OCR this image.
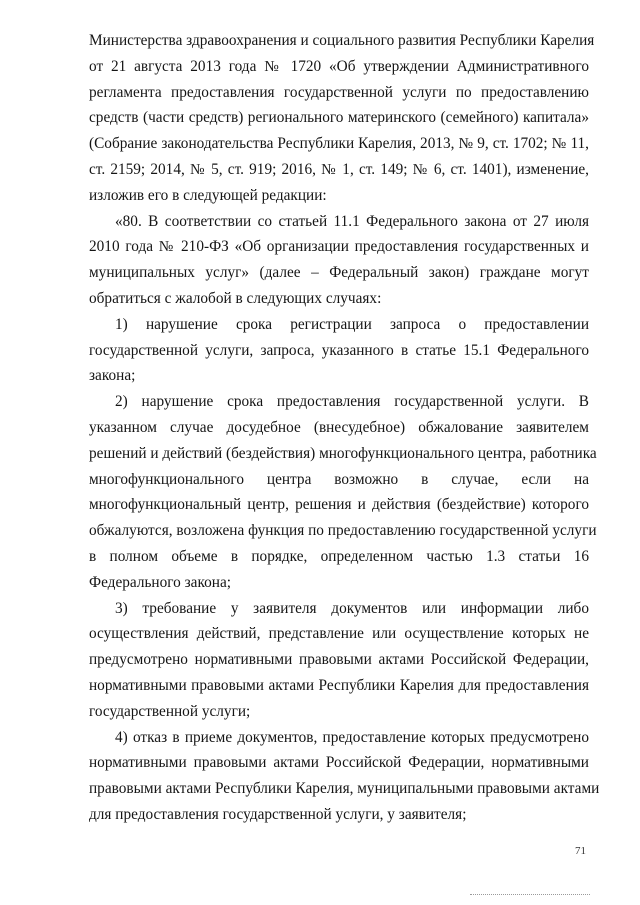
Министерства здравоохранения и социального развития Республики Карелия
от 21 августа 2013 года № 1720 «Об утверждении Административного
регламента предоставления государственной услуги по предоставлению
средств (части средств) регионального материнского (семейного) капитала»
(Собрание законодательства Республики Карелия, 2013, № 9, ст. 1702; № 11,
ст. 2159; 2014, № 5, ст. 919; 2016, № 1, ст. 149; № 6, ст. 1401), изменение,
изложив его в следующей редакции:
«80. В соответствии со статьей 11.1 Федерального закона от 27 июля
2010 года № 210-ФЗ «Об организации предоставления государственных и
муниципальных услуг» (далее – Федеральный закон) граждане могут
обратиться с жалобой в следующих случаях:
1) нарушение срока регистрации запроса о предоставлении
государственной услуги, запроса, указанного в статье 15.1 Федерального
закона;
2) нарушение срока предоставления государственной услуги. В
указанном случае досудебное (внесудебное) обжалование заявителем
решений и действий (бездействия) многофункционального центра, работника
многофункционального центра возможно в случае, если на
многофункциональный центр, решения и действия (бездействие) которого
обжалуются, возложена функция по предоставлению государственной услуги
в полном объеме в порядке, определенном частью 1.3 статьи 16
Федерального закона;
3) требование у заявителя документов или информации либо
осуществления действий, представление или осуществление которых не
предусмотрено нормативными правовыми актами Российской Федерации,
нормативными правовыми актами Республики Карелия для предоставления
государственной услуги;
4) отказ в приеме документов, предоставление которых предусмотрено
нормативными правовыми актами Российской Федерации, нормативными
правовыми актами Республики Карелия, муниципальными правовыми актами
для предоставления государственной услуги, у заявителя;
71
